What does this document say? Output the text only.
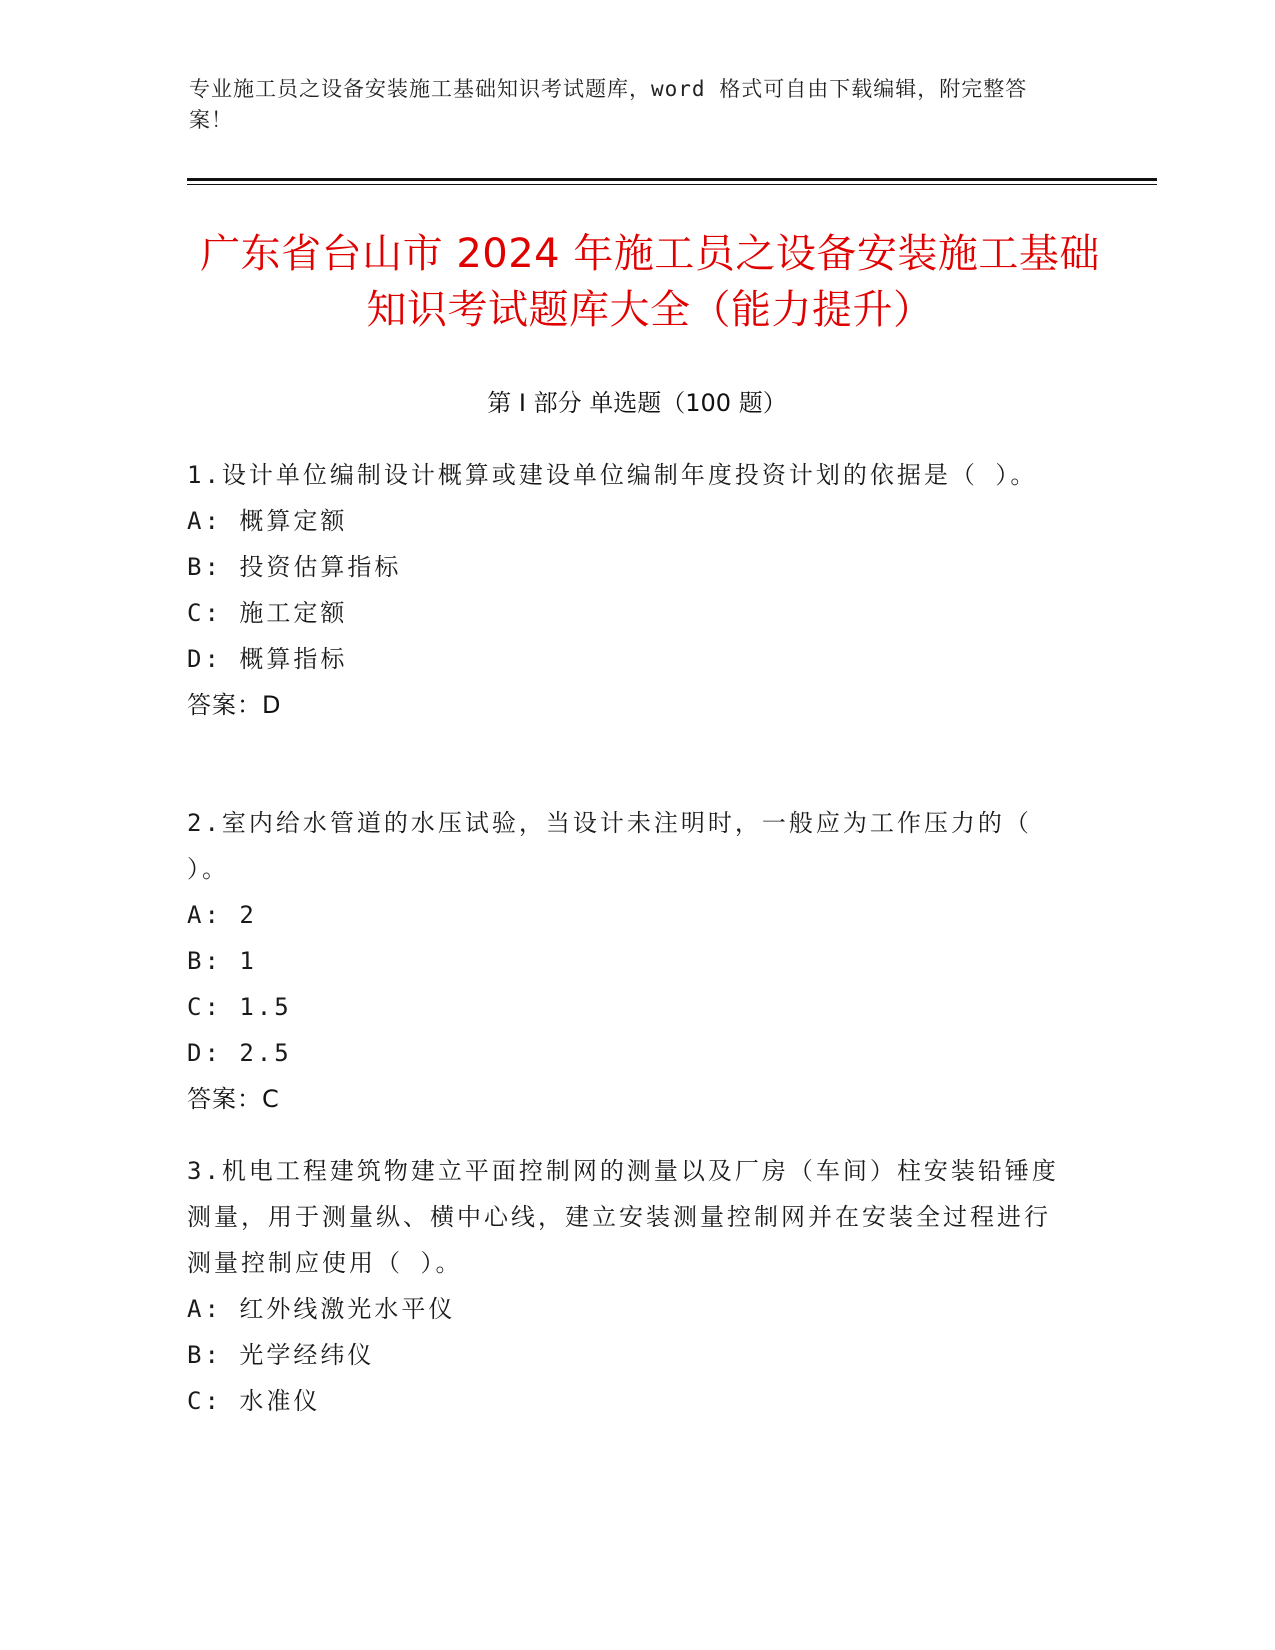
专业施工员之设备安装施工基础知识考试题库，word 格式可自由下载编辑，附完整答案！
广东省台山市 2024 年施工员之设备安装施工基础知识考试题库大全（能力提升）
第 I 部分 单选题（100 题）
1.设计单位编制设计概算或建设单位编制年度投资计划的依据是（ ）。
A: 概算定额
B: 投资估算指标
C: 施工定额
D: 概算指标
答案：D
2.室内给水管道的水压试验，当设计未注明时，一般应为工作压力的（ ）。
A: 2
B: 1
C: 1.5
D: 2.5
答案：C
3.机电工程建筑物建立平面控制网的测量以及厂房（车间）柱安装铅锤度测量，用于测量纵、横中心线，建立安装测量控制网并在安装全过程进行测量控制应使用（ ）。
A: 红外线激光水平仪
B: 光学经纬仪
C: 水准仪
